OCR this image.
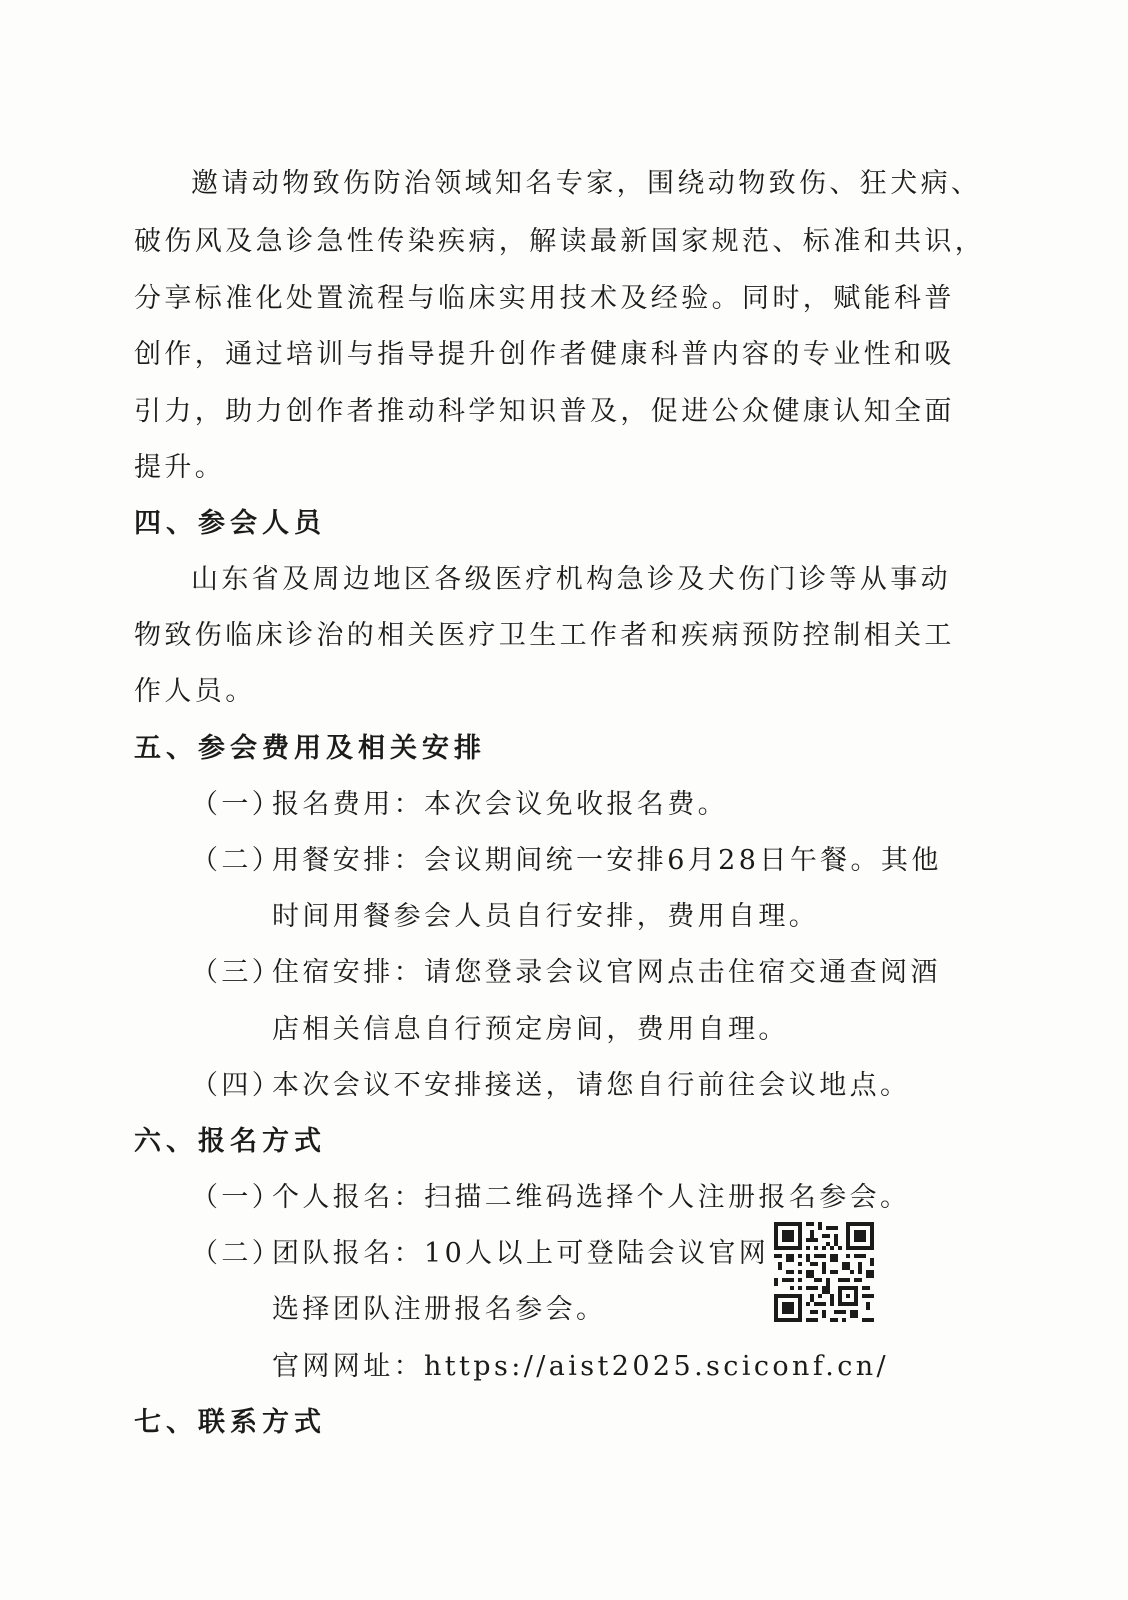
邀请动物致伤防治领域知名专家，围绕动物致伤、狂犬病、
破伤风及急诊急性传染疾病，解读最新国家规范、标准和共识，
分享标准化处置流程与临床实用技术及经验。同时，赋能科普
创作，通过培训与指导提升创作者健康科普内容的专业性和吸
引力，助力创作者推动科学知识普及，促进公众健康认知全面
提升。
四、参会人员
山东省及周边地区各级医疗机构急诊及犬伤门诊等从事动
物致伤临床诊治的相关医疗卫生工作者和疾病预防控制相关工
作人员。
五、参会费用及相关安排
（一）
报名费用：本次会议免收报名费。
（二）
用餐安排：会议期间统一安排6月28日午餐。其他
时间用餐参会人员自行安排，费用自理。
（三）
住宿安排：请您登录会议官网点击住宿交通查阅酒
店相关信息自行预定房间，费用自理。
（四）
本次会议不安排接送，请您自行前往会议地点。
六、报名方式
（一）
个人报名：扫描二维码选择个人注册报名参会。
（二）
团队报名：10人以上可登陆会议官网
选择团队注册报名参会。
官网网址：https://aist2025.sciconf.cn/
七、联系方式
